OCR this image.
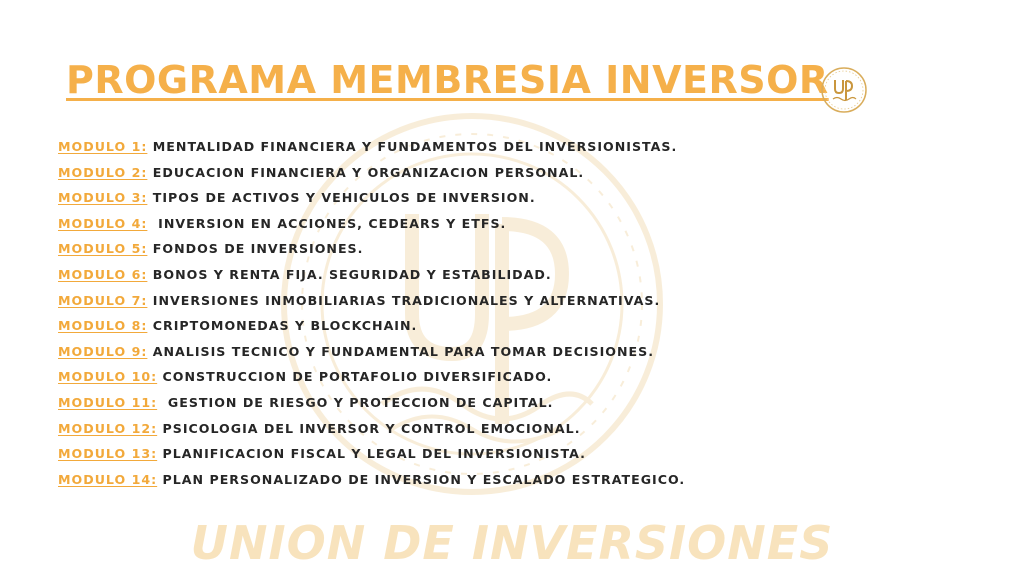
PROGRAMA MEMBRESIA INVERSOR
MODULO 1: MENTALIDAD FINANCIERA Y FUNDAMENTOS DEL INVERSIONISTAS.
MODULO 2: EDUCACION FINANCIERA Y ORGANIZACION PERSONAL.
MODULO 3: TIPOS DE ACTIVOS Y VEHICULOS DE INVERSION.
MODULO 4:  INVERSION EN ACCIONES, CEDEARS Y ETFS.
MODULO 5: FONDOS DE INVERSIONES.
MODULO 6: BONOS Y RENTA FIJA. SEGURIDAD Y ESTABILIDAD.
MODULO 7: INVERSIONES INMOBILIARIAS TRADICIONALES Y ALTERNATIVAS.
MODULO 8: CRIPTOMONEDAS Y BLOCKCHAIN.
MODULO 9: ANALISIS TECNICO Y FUNDAMENTAL PARA TOMAR DECISIONES.
MODULO 10: CONSTRUCCION DE PORTAFOLIO DIVERSIFICADO.
MODULO 11:  GESTION DE RIESGO Y PROTECCION DE CAPITAL.
MODULO 12: PSICOLOGIA DEL INVERSOR Y CONTROL EMOCIONAL.
MODULO 13: PLANIFICACION FISCAL Y LEGAL DEL INVERSIONISTA.
MODULO 14: PLAN PERSONALIZADO DE INVERSION Y ESCALADO ESTRATEGICO.
UNION DE INVERSIONES
